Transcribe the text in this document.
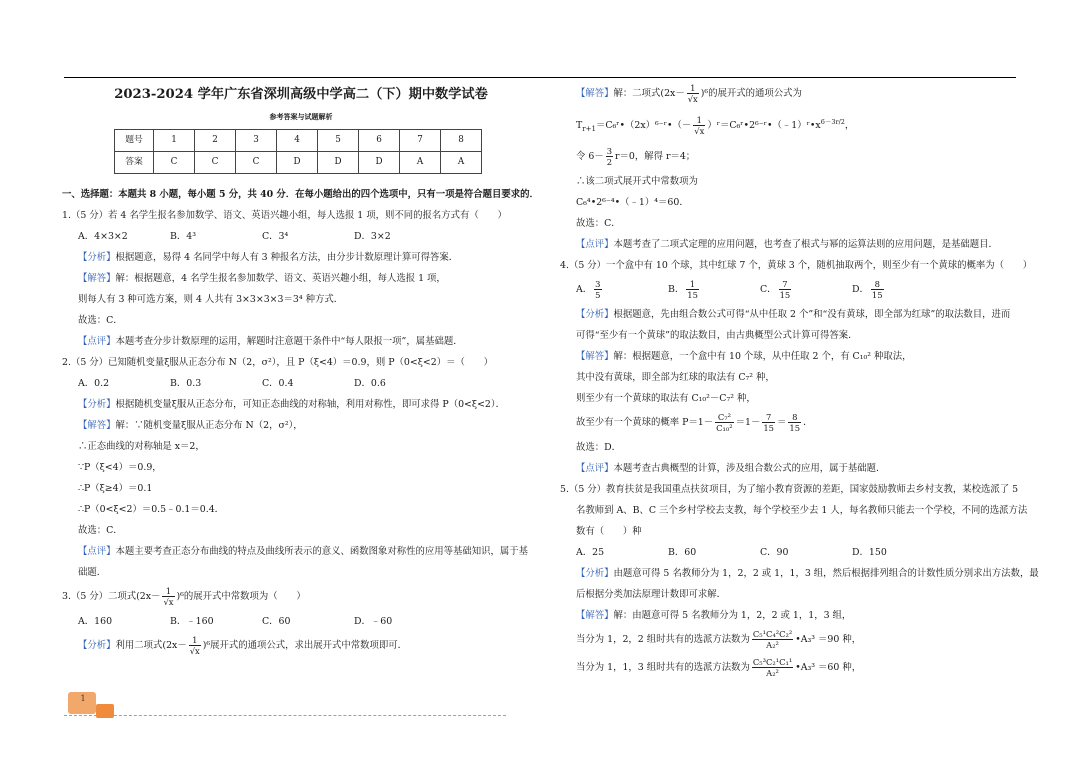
2023-2024 学年广东省深圳高级中学高二（下）期中数学试卷
参考答案与试题解析
题号	1	2	3	4	5	6	7	8
答案	C	C	C	D	D	D	A	A
一、选择题：本题共 8 小题，每小题 5 分，共 40 分．在每小题给出的四个选项中，只有一项是符合题目要求的．
1.（5 分）若 4 名学生报名参加数学、语文、英语兴趣小组，每人选报 1 项，则不同的报名方式有（　　）
A．4×3×2	B．4³	C．3⁴	D．3×2
【分析】根据题意，易得 4 名同学中每人有 3 种报名方法，由分步计数原理计算可得答案．
【解答】解：根据题意，4 名学生报名参加数学、语文、英语兴趣小组，每人选报 1 项，
则每人有 3 种可选方案，则 4 人共有 3×3×3×3＝3⁴ 种方式．
故选：C．
【点评】本题考查分步计数原理的运用，解题时注意题干条件中“每人限报一项”，属基础题．
2.（5 分）已知随机变量ξ服从正态分布 N（2，σ²），且 P（ξ<4）＝0.9，则 P（0<ξ<2）＝（　　）
A．0.2	B．0.3	C．0.4	D．0.6
【分析】根据随机变量ξ服从正态分布，可知正态曲线的对称轴，利用对称性，即可求得 P（0<ξ<2）．
【解答】解：∵随机变量ξ服从正态分布 N（2，σ²），
∴正态曲线的对称轴是 x＝2，
∵P（ξ<4）＝0.9，
∴P（ξ≥4）＝0.1
∴P（0<ξ<2）＝0.5﹣0.1＝0.4．
故选：C．
【点评】本题主要考查正态分布曲线的特点及曲线所表示的意义、函数图象对称性的应用等基础知识，属于基
础题．
3.（5 分）二项式$(2x- \frac{1}{√x} )^6$的展开式中常数项为（　　）
A．160	B．﹣160	C．60	D．﹣60
【分析】利用二项式$(2x- \frac{1}{√x} )^6$展开式的通项公式，求出展开式中常数项即可．
【解答】解：二项式$(2x- \frac{1}{√x} )^6$的展开式的通项公式为
$T_{r+1}=C_6ʳ•(2x)^{6-}ʳ•(- \frac{1}{√x}$ ）$ʳ=C_6ʳ•2^{6-}ʳ•(﹣1)ʳ•x^{6-3r/2}$，
令 $6- \frac{3}{2} r=0$，解得 r＝4；
∴该二项式展开式中常数项为
C₆⁴•2⁶⁻⁴•（﹣1）⁴＝60．
故选：C．
【点评】本题考查了二项式定理的应用问题，也考查了根式与幂的运算法则的应用问题，是基础题目．
4.（5 分）一个盒中有 10 个球，其中红球 7 个，黄球 3 个，随机抽取两个，则至少有一个黄球的概率为（　　）
A． $\frac{3}{5}$	B． $\frac{1}{15}$	C． $\frac{7}{15}$	D． $\frac{8}{15}$
【分析】根据题意，先由组合数公式可得“从中任取 2 个”和“没有黄球，即全部为红球”的取法数目，进而
可得“至少有一个黄球”的取法数目，由古典概型公式计算可得答案．
【解答】解：根据题意，一个盒中有 10 个球，从中任取 2 个，有 C₁₀² 种取法，
其中没有黄球，即全部为红球的取法有 C₇² 种，
则至少有一个黄球的取法有 C₁₀²－C₇² 种，
故至少有一个黄球的概率 $P=1- \frac{\text{C₇²}}{\text{C₁₀²}} =1- \frac{7}{15} = \frac{8}{15}$ ．
故选：D．
【点评】本题考查古典概型的计算，涉及组合数公式的应用，属于基础题．
5.（5 分）教育扶贫是我国重点扶贫项目，为了缩小教育资源的差距，国家鼓励教师去乡村支教，某校选派了 5
名教师到 A、B、C 三个乡村学校去支教，每个学校至少去 1 人，每名教师只能去一个学校，不同的选派方法
数有（　　）种
A．25	B．60	C．90	D．150
【分析】由题意可得 5 名教师分为 1，2，2 或 1，1，3 组，然后根据排列组合的计数性质分别求出方法数，最
后根据分类加法原理计数即可求解．
【解答】解：由题意可得 5 名教师分为 1，2，2 或 1，1，3 组，
当分为 1，2，2 组时共有的选派方法数为 $\frac{\text{C₅¹C₄²C₂²}}{\text{A₂²}}$ •A₃³ ＝90 种，
当分为 1，1，3 组时共有的选派方法数为 $\frac{\text{C₅³C₂¹C₁¹}}{\text{A₂²}}$ •A₃³ ＝60 种，
1
